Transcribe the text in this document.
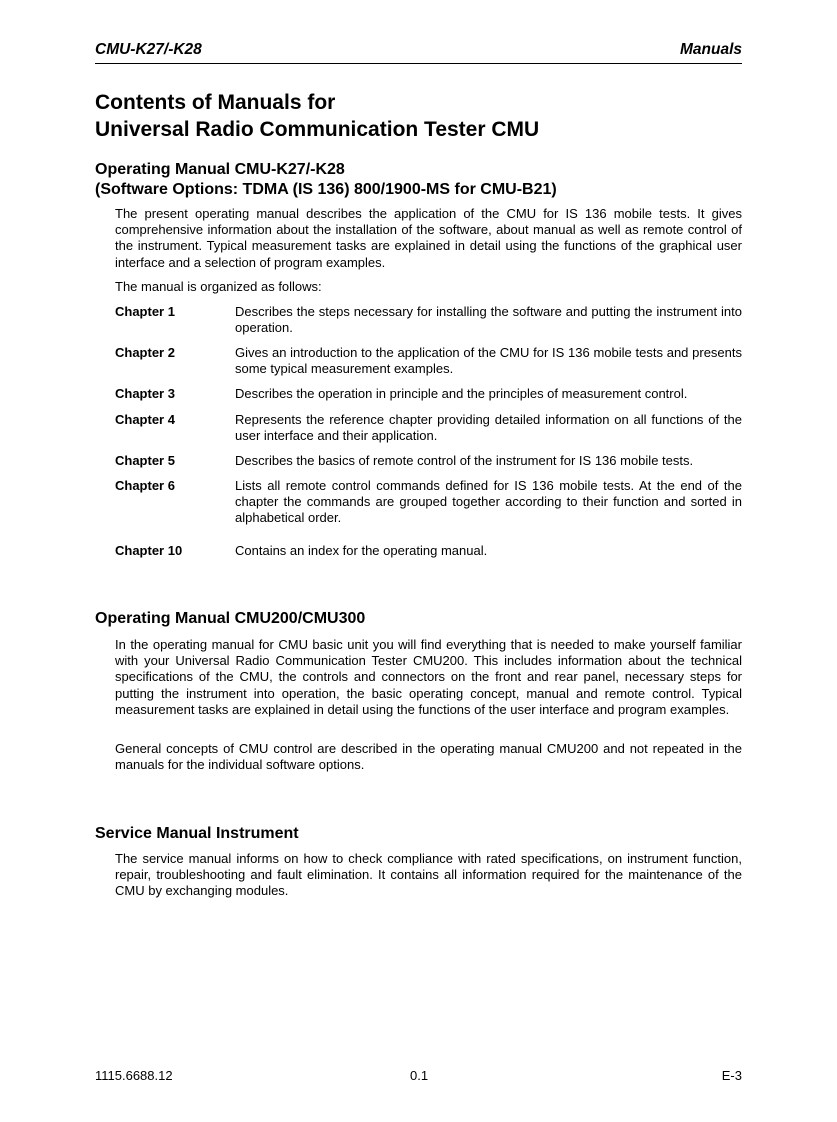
CMU-K27/-K28	Manuals
Contents of Manuals for
Universal Radio Communication Tester CMU
Operating Manual CMU-K27/-K28
(Software Options: TDMA (IS 136) 800/1900-MS for CMU-B21)
The present operating manual describes the application of the CMU for IS 136 mobile tests. It gives comprehensive information about the installation of the software, about manual as well as remote control of the instrument. Typical measurement tasks are explained in detail using the functions of the graphical user interface and a selection of program examples.
The manual is organized as follows:
Chapter 1	Describes the steps necessary for installing the software and putting the instrument into operation.
Chapter 2	Gives an introduction to the application of the CMU for IS 136 mobile tests and presents some typical measurement examples.
Chapter 3	Describes the operation in principle and the principles of measurement control.
Chapter 4	Represents the reference chapter providing detailed information on all functions of the user interface and their application.
Chapter 5	Describes the basics of remote control of the instrument for IS 136 mobile tests.
Chapter 6	Lists all remote control commands defined for IS 136 mobile tests. At the end of the chapter the commands are grouped together according to their function and sorted in alphabetical order.
Chapter 10	Contains an index for the operating manual.
Operating Manual CMU200/CMU300
In the operating manual for CMU basic unit you will find everything that is needed to make yourself familiar with your Universal Radio Communication Tester CMU200. This includes information about the technical specifications of the CMU, the controls and connectors on the front and rear panel, necessary steps for putting the instrument into operation, the basic operating concept, manual and remote control. Typical measurement tasks are explained in detail using the functions of the user interface and program examples.
General concepts of CMU control are described in the operating manual CMU200 and not repeated in the manuals for the individual software options.
Service Manual Instrument
The service manual informs on how to check compliance with rated specifications, on instrument function, repair, troubleshooting and fault elimination. It contains all information required for the maintenance of the CMU by exchanging modules.
1115.6688.12	0.1	E-3
